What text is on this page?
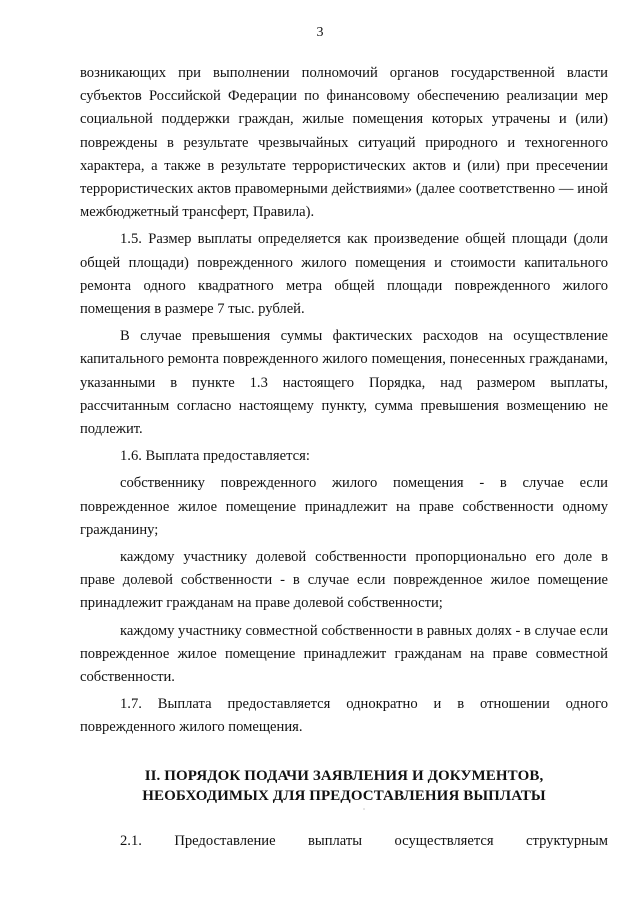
3

возникающих при выполнении полномочий органов государственной власти субъектов Российской Федерации по финансовому обеспечению реализации мер социальной поддержки граждан, жилые помещения которых утрачены и (или) повреждены в результате чрезвычайных ситуаций природного и техногенного характера, а также в результате террористических актов и (или) при пресечении террористических актов правомерными действиями» (далее соответственно — иной межбюджетный трансферт, Правила).

1.5. Размер выплаты определяется как произведение общей площади (доли общей площади) поврежденного жилого помещения и стоимости капитального ремонта одного квадратного метра общей площади поврежденного жилого помещения в размере 7 тыс. рублей.

В случае превышения суммы фактических расходов на осуществление капитального ремонта поврежденного жилого помещения, понесенных гражданами, указанными в пункте 1.3 настоящего Порядка, над размером выплаты, рассчитанным согласно настоящему пункту, сумма превышения возмещению не подлежит.

1.6. Выплата предоставляется:

собственнику поврежденного жилого помещения - в случае если поврежденное жилое помещение принадлежит на праве собственности одному гражданину;

каждому участнику долевой собственности пропорционально его доле в праве долевой собственности - в случае если поврежденное жилое помещение принадлежит гражданам на праве долевой собственности;

каждому участнику совместной собственности в равных долях - в случае если поврежденное жилое помещение принадлежит гражданам на праве совместной собственности.

1.7. Выплата предоставляется однократно и в отношении одного поврежденного жилого помещения.

II. ПОРЯДОК ПОДАЧИ ЗАЯВЛЕНИЯ И ДОКУМЕНТОВ,
НЕОБХОДИМЫХ ДЛЯ ПРЕДОСТАВЛЕНИЯ ВЫПЛАТЫ
·
2.1. Предоставление выплаты осуществляется структурным
